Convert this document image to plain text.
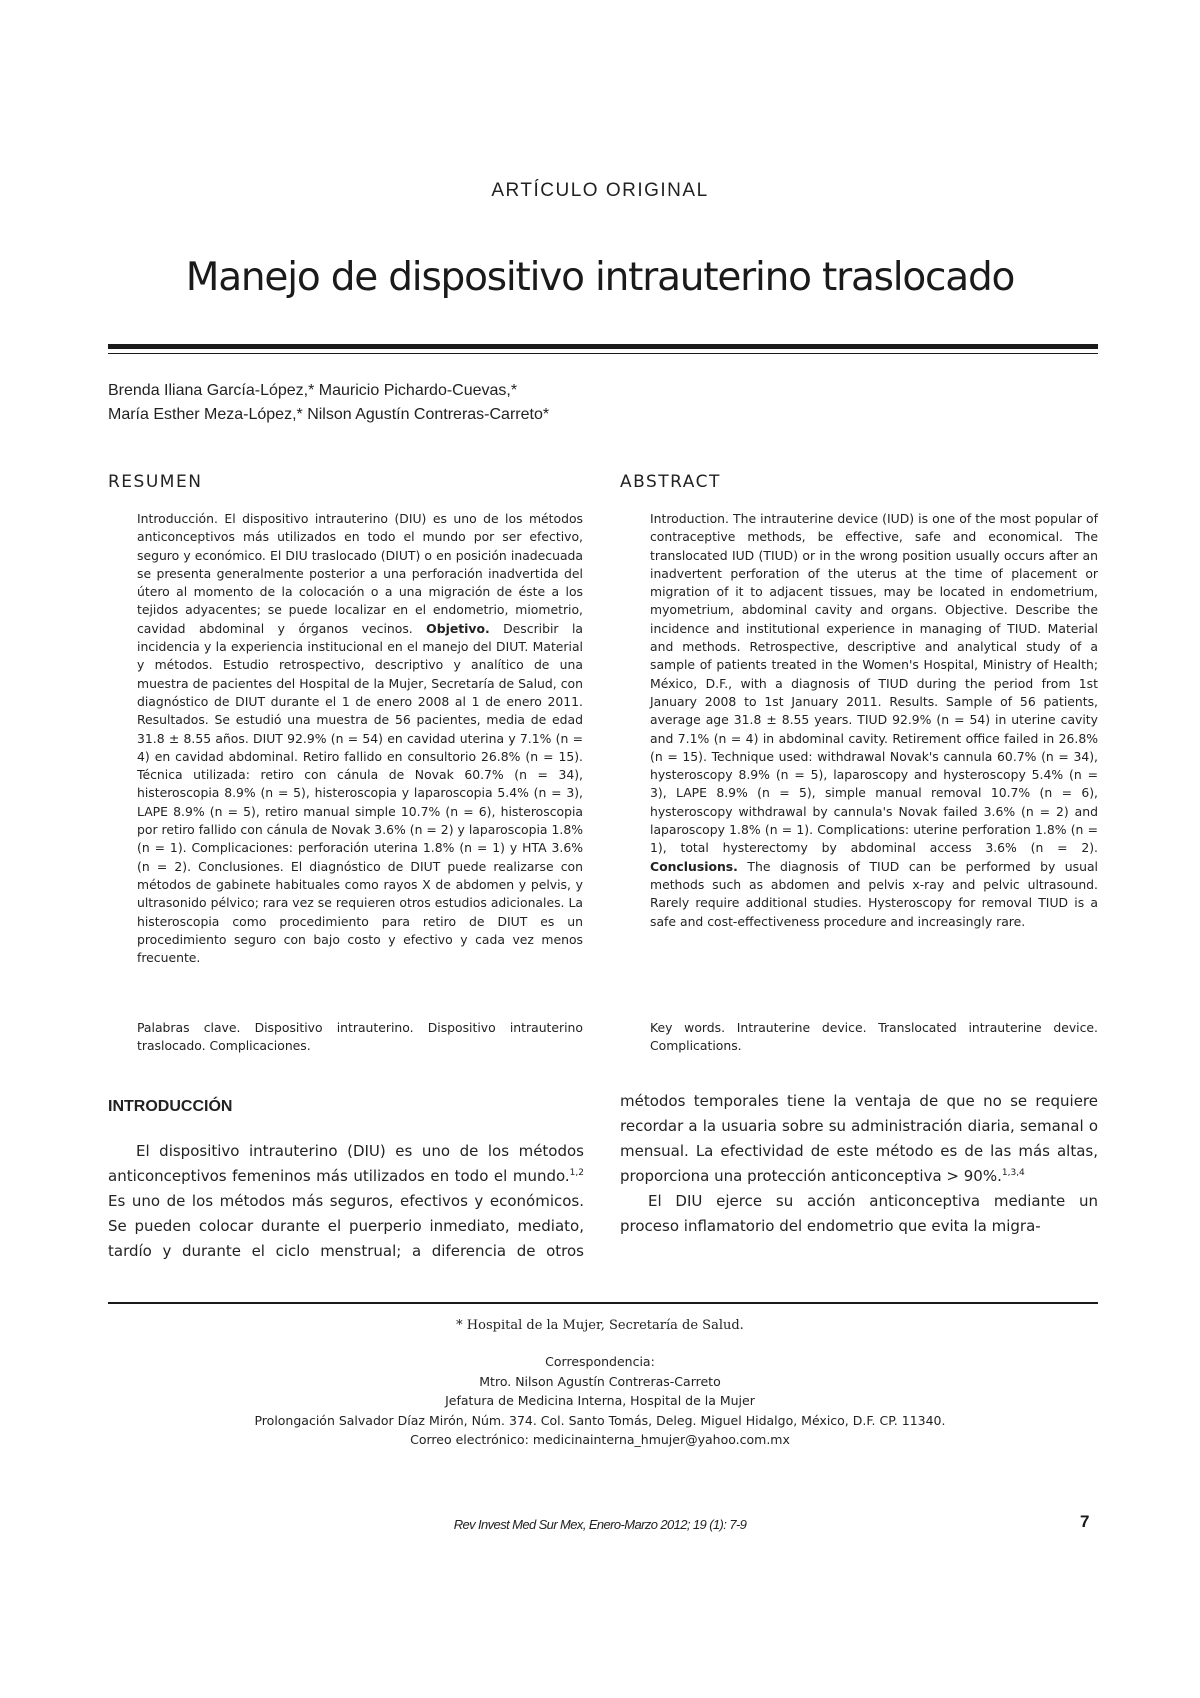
ARTÍCULO ORIGINAL
Manejo de dispositivo intrauterino traslocado
Brenda Iliana García-López,* Mauricio Pichardo-Cuevas,*
María Esther Meza-López,* Nilson Agustín Contreras-Carreto*
RESUMEN

Introducción. El dispositivo intrauterino (DIU) es uno de los métodos anticonceptivos más utilizados en todo el mundo por ser efectivo, seguro y económico. El DIU traslocado (DIUT) o en posición inadecuada se presenta generalmente posterior a una perforación inadvertida del útero al momento de la colocación o a una migración de éste a los tejidos adyacentes; se puede localizar en el endometrio, miometrio, cavidad abdominal y órganos vecinos. Objetivo. Describir la incidencia y la experiencia institucional en el manejo del DIUT. Material y métodos. Estudio retrospectivo, descriptivo y analítico de una muestra de pacientes del Hospital de la Mujer, Secretaría de Salud, con diagnóstico de DIUT durante el 1 de enero 2008 al 1 de enero 2011. Resultados. Se estudió una muestra de 56 pacientes, media de edad 31.8 ± 8.55 años. DIUT 92.9% (n = 54) en cavidad uterina y 7.1% (n = 4) en cavidad abdominal. Retiro fallido en consultorio 26.8% (n = 15). Técnica utilizada: retiro con cánula de Novak 60.7% (n = 34), histeroscopia 8.9% (n = 5), histeroscopia y laparoscopia 5.4% (n = 3), LAPE 8.9% (n = 5), retiro manual simple 10.7% (n = 6), histeroscopia por retiro fallido con cánula de Novak 3.6% (n = 2) y laparoscopia 1.8% (n = 1). Complicaciones: perforación uterina 1.8% (n = 1) y HTA 3.6% (n = 2). Conclusiones. El diagnóstico de DIUT puede realizarse con métodos de gabinete habituales como rayos X de abdomen y pelvis, y ultrasonido pélvico; rara vez se requieren otros estudios adicionales. La histeroscopia como procedimiento para retiro de DIUT es un procedimiento seguro con bajo costo y efectivo y cada vez menos frecuente.

Palabras clave. Dispositivo intrauterino. Dispositivo intrauterino traslocado. Complicaciones.
ABSTRACT

Introduction. The intrauterine device (IUD) is one of the most popular of contraceptive methods, be effective, safe and economical. The translocated IUD (TIUD) or in the wrong position usually occurs after an inadvertent perforation of the uterus at the time of placement or migration of it to adjacent tissues, may be located in endometrium, myometrium, abdominal cavity and organs. Objective. Describe the incidence and institutional experience in managing of TIUD. Material and methods. Retrospective, descriptive and analytical study of a sample of patients treated in the Women's Hospital, Ministry of Health; México, D.F., with a diagnosis of TIUD during the period from 1st January 2008 to 1st January 2011. Results. Sample of 56 patients, average age 31.8 ± 8.55 years. TIUD 92.9% (n = 54) in uterine cavity and 7.1% (n = 4) in abdominal cavity. Retirement office failed in 26.8% (n = 15). Technique used: withdrawal Novak's cannula 60.7% (n = 34), hysteroscopy 8.9% (n = 5), laparoscopy and hysteroscopy 5.4% (n = 3), LAPE 8.9% (n = 5), simple manual removal 10.7% (n = 6), hysteroscopy withdrawal by cannula's Novak failed 3.6% (n = 2) and laparoscopy 1.8% (n = 1). Complications: uterine perforation 1.8% (n = 1), total hysterectomy by abdominal access 3.6% (n = 2). Conclusions. The diagnosis of TIUD can be performed by usual methods such as abdomen and pelvis x-ray and pelvic ultrasound. Rarely require additional studies. Hysteroscopy for removal TIUD is a safe and cost-effectiveness procedure and increasingly rare.

Key words. Intrauterine device. Translocated intrauterine device. Complications.
INTRODUCCIÓN

El dispositivo intrauterino (DIU) es uno de los métodos anticonceptivos femeninos más utilizados en todo el mundo.$^{1,2}$ Es uno de los métodos más seguros, efectivos y económicos. Se pueden colocar durante el puerperio inmediato, mediato, tardío y durante el ciclo menstrual; a diferencia de otros

métodos temporales tiene la ventaja de que no se requiere recordar a la usuaria sobre su administración diaria, semanal o mensual. La efectividad de este método es de las más altas, proporciona una protección anticonceptiva > 90%.$^{1,3,4}$

El DIU ejerce su acción anticonceptiva mediante un proceso inflamatorio del endometrio que evita la migra-

* Hospital de la Mujer, Secretaría de Salud.
Correspondencia:
Mtro. Nilson Agustín Contreras-Carreto
Jefatura de Medicina Interna, Hospital de la Mujer
Prolongación Salvador Díaz Mirón, Núm. 374. Col. Santo Tomás, Deleg. Miguel Hidalgo, México, D.F. CP. 11340.
Correo electrónico: medicinainterna_hmujer@yahoo.com.mx
Rev Invest Med Sur Mex, Enero-Marzo 2012; 19 (1): 7-9	7
